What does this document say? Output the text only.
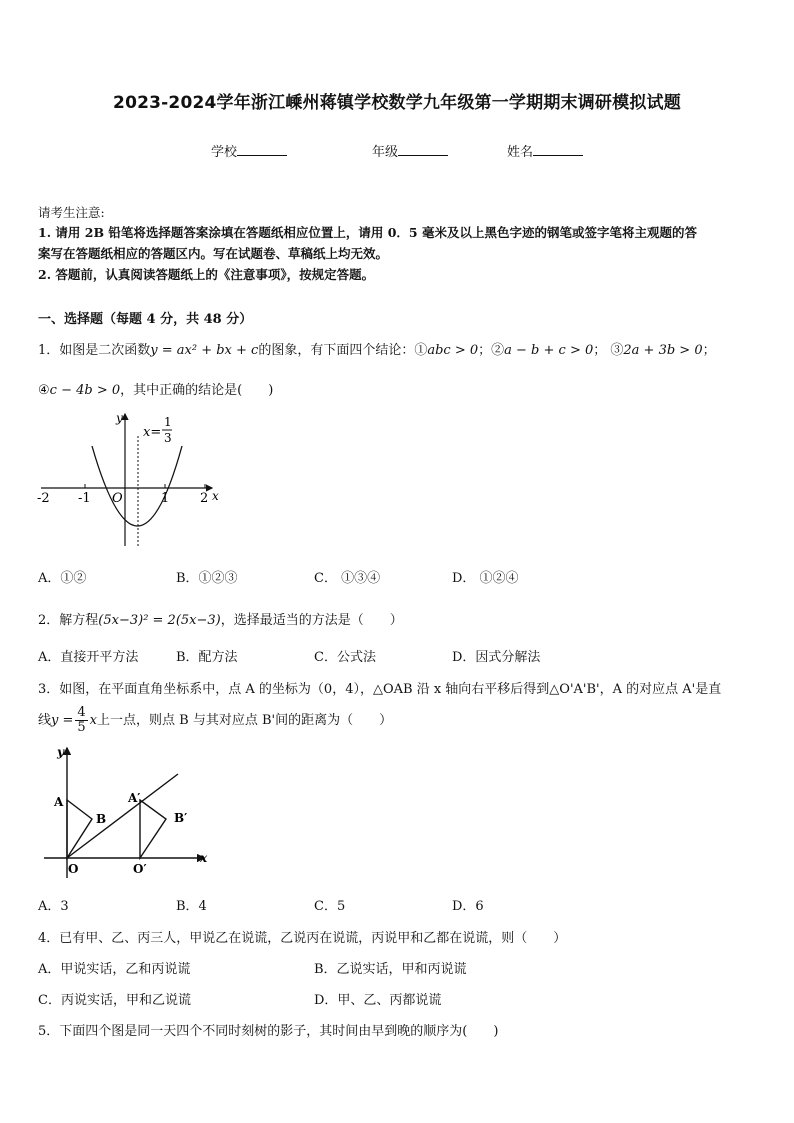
2023-2024学年浙江嵊州蒋镇学校数学九年级第一学期期末调研模拟试题
学校	年级	姓名
请考生注意:
1. 请用 2B 铅笔将选择题答案涂填在答题纸相应位置上，请用 0．5 毫米及以上黑色字迹的钢笔或签字笔将主观题的答
案写在答题纸相应的答题区内。写在试题卷、草稿纸上均无效。
2. 答题前，认真阅读答题纸上的《注意事项》，按规定答题。
一、选择题（每题 4 分，共 48 分）
1．如图是二次函数y = ax² + bx + c的图象，有下面四个结论：①abc > 0；②a − b + c > 0； ③2a + 3b > 0；
④c − 4b > 0，其中正确的结论是(　　)
y
x
x=
1
3
-2 -1 O	1 2
A．①②	B．①②③	C． ①③④	D． ①②④
2．解方程(5x−3)² = 2(5x−3)，选择最适当的方法是（　　）
A．直接开平方法	B．配方法	C．公式法	D．因式分解法
3．如图，在平面直角坐标系中，点 A 的坐标为（0，4），△OAB 沿 x 轴向右平移后得到△O'A'B'，A 的对应点 A'是直
线$y = \frac{4}{5}$ x上一点，则点 B 与其对应点 B'间的距离为（　　）
y
A
B
A′
B′
O	O′
x
A．3	B．4	C．5	D．6
4．已有甲、乙、丙三人，甲说乙在说谎，乙说丙在说谎，丙说甲和乙都在说谎，则（　　）
A．甲说实话，乙和丙说谎	B．乙说实话，甲和丙说谎
C．丙说实话，甲和乙说谎	D．甲、乙、丙都说谎
5．下面四个图是同一天四个不同时刻树的影子，其时间由早到晚的顺序为(　　)
